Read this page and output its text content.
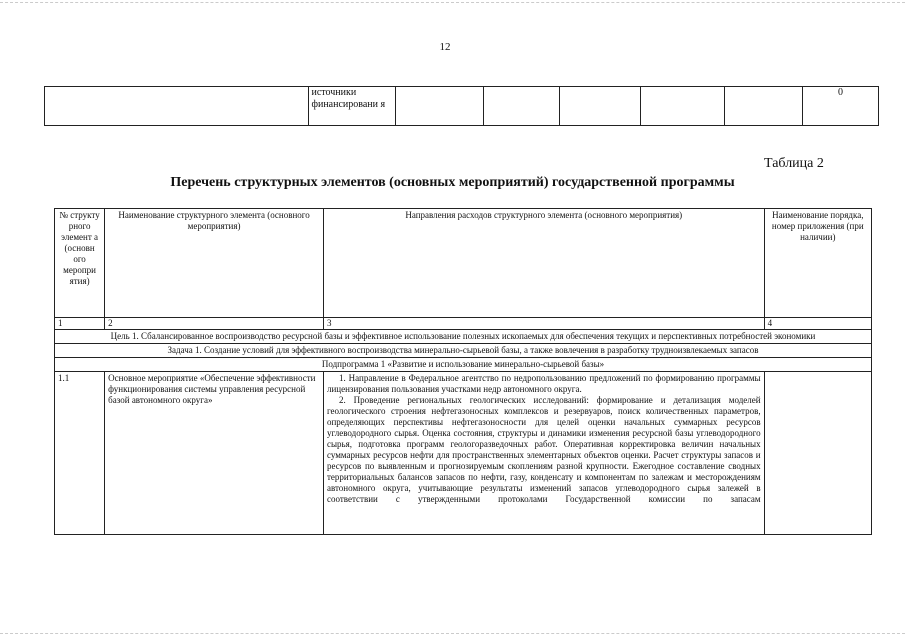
12
	источники финансировани я						0
Таблица 2
Перечень структурных элементов (основных мероприятий) государственной программы
№ структу рного элемент а (основн ого меропри ятия)	Наименование структурного элемента (основного мероприятия)	Направления расходов структурного элемента (основного мероприятия)	Наименование порядка, номер приложения (при наличии)
1	2	3	4
Цель 1. Сбалансированное воспроизводство ресурсной базы и эффективное использование полезных ископаемых для обеспечения текущих и перспективных потребностей экономики			
Задача 1. Создание условий для эффективного воспроизводства минерально-сырьевой базы, а также вовлечения в разработку трудноизвлекаемых запасов			
Подпрограмма 1 «Развитие и использование минерально-сырьевой базы»			
1.1	Основное мероприятие «Обеспечение эффективности функционирования системы управления ресурсной базой автономного округа»	1. Направление в Федеральное агентство по недропользованию предложений по формированию программы лицензирования пользования участками недр автономного округа.

2. Проведение региональных геологических исследований: формирование и детализация моделей геологического строения нефтегазоносных комплексов и резервуаров, поиск количественных параметров, определяющих перспективы нефтегазоносности для целей оценки начальных суммарных ресурсов углеводородного сырья. Оценка состояния, структуры и динамики изменения ресурсной базы углеводородного сырья, подготовка программ геологоразведочных работ. Оперативная корректировка величин начальных суммарных ресурсов нефти для пространственных элементарных объектов оценки. Расчет структуры запасов и ресурсов по выявленным и прогнозируемым скоплениям разной крупности. Ежегодное составление сводных территориальных балансов запасов по нефти, газу, конденсату и компонентам по залежам и месторождениям автономного округа, учитывающие результаты изменений запасов углеводородного сырья залежей в соответствии с утвержденными протоколами Государственной комиссии по запасам	
